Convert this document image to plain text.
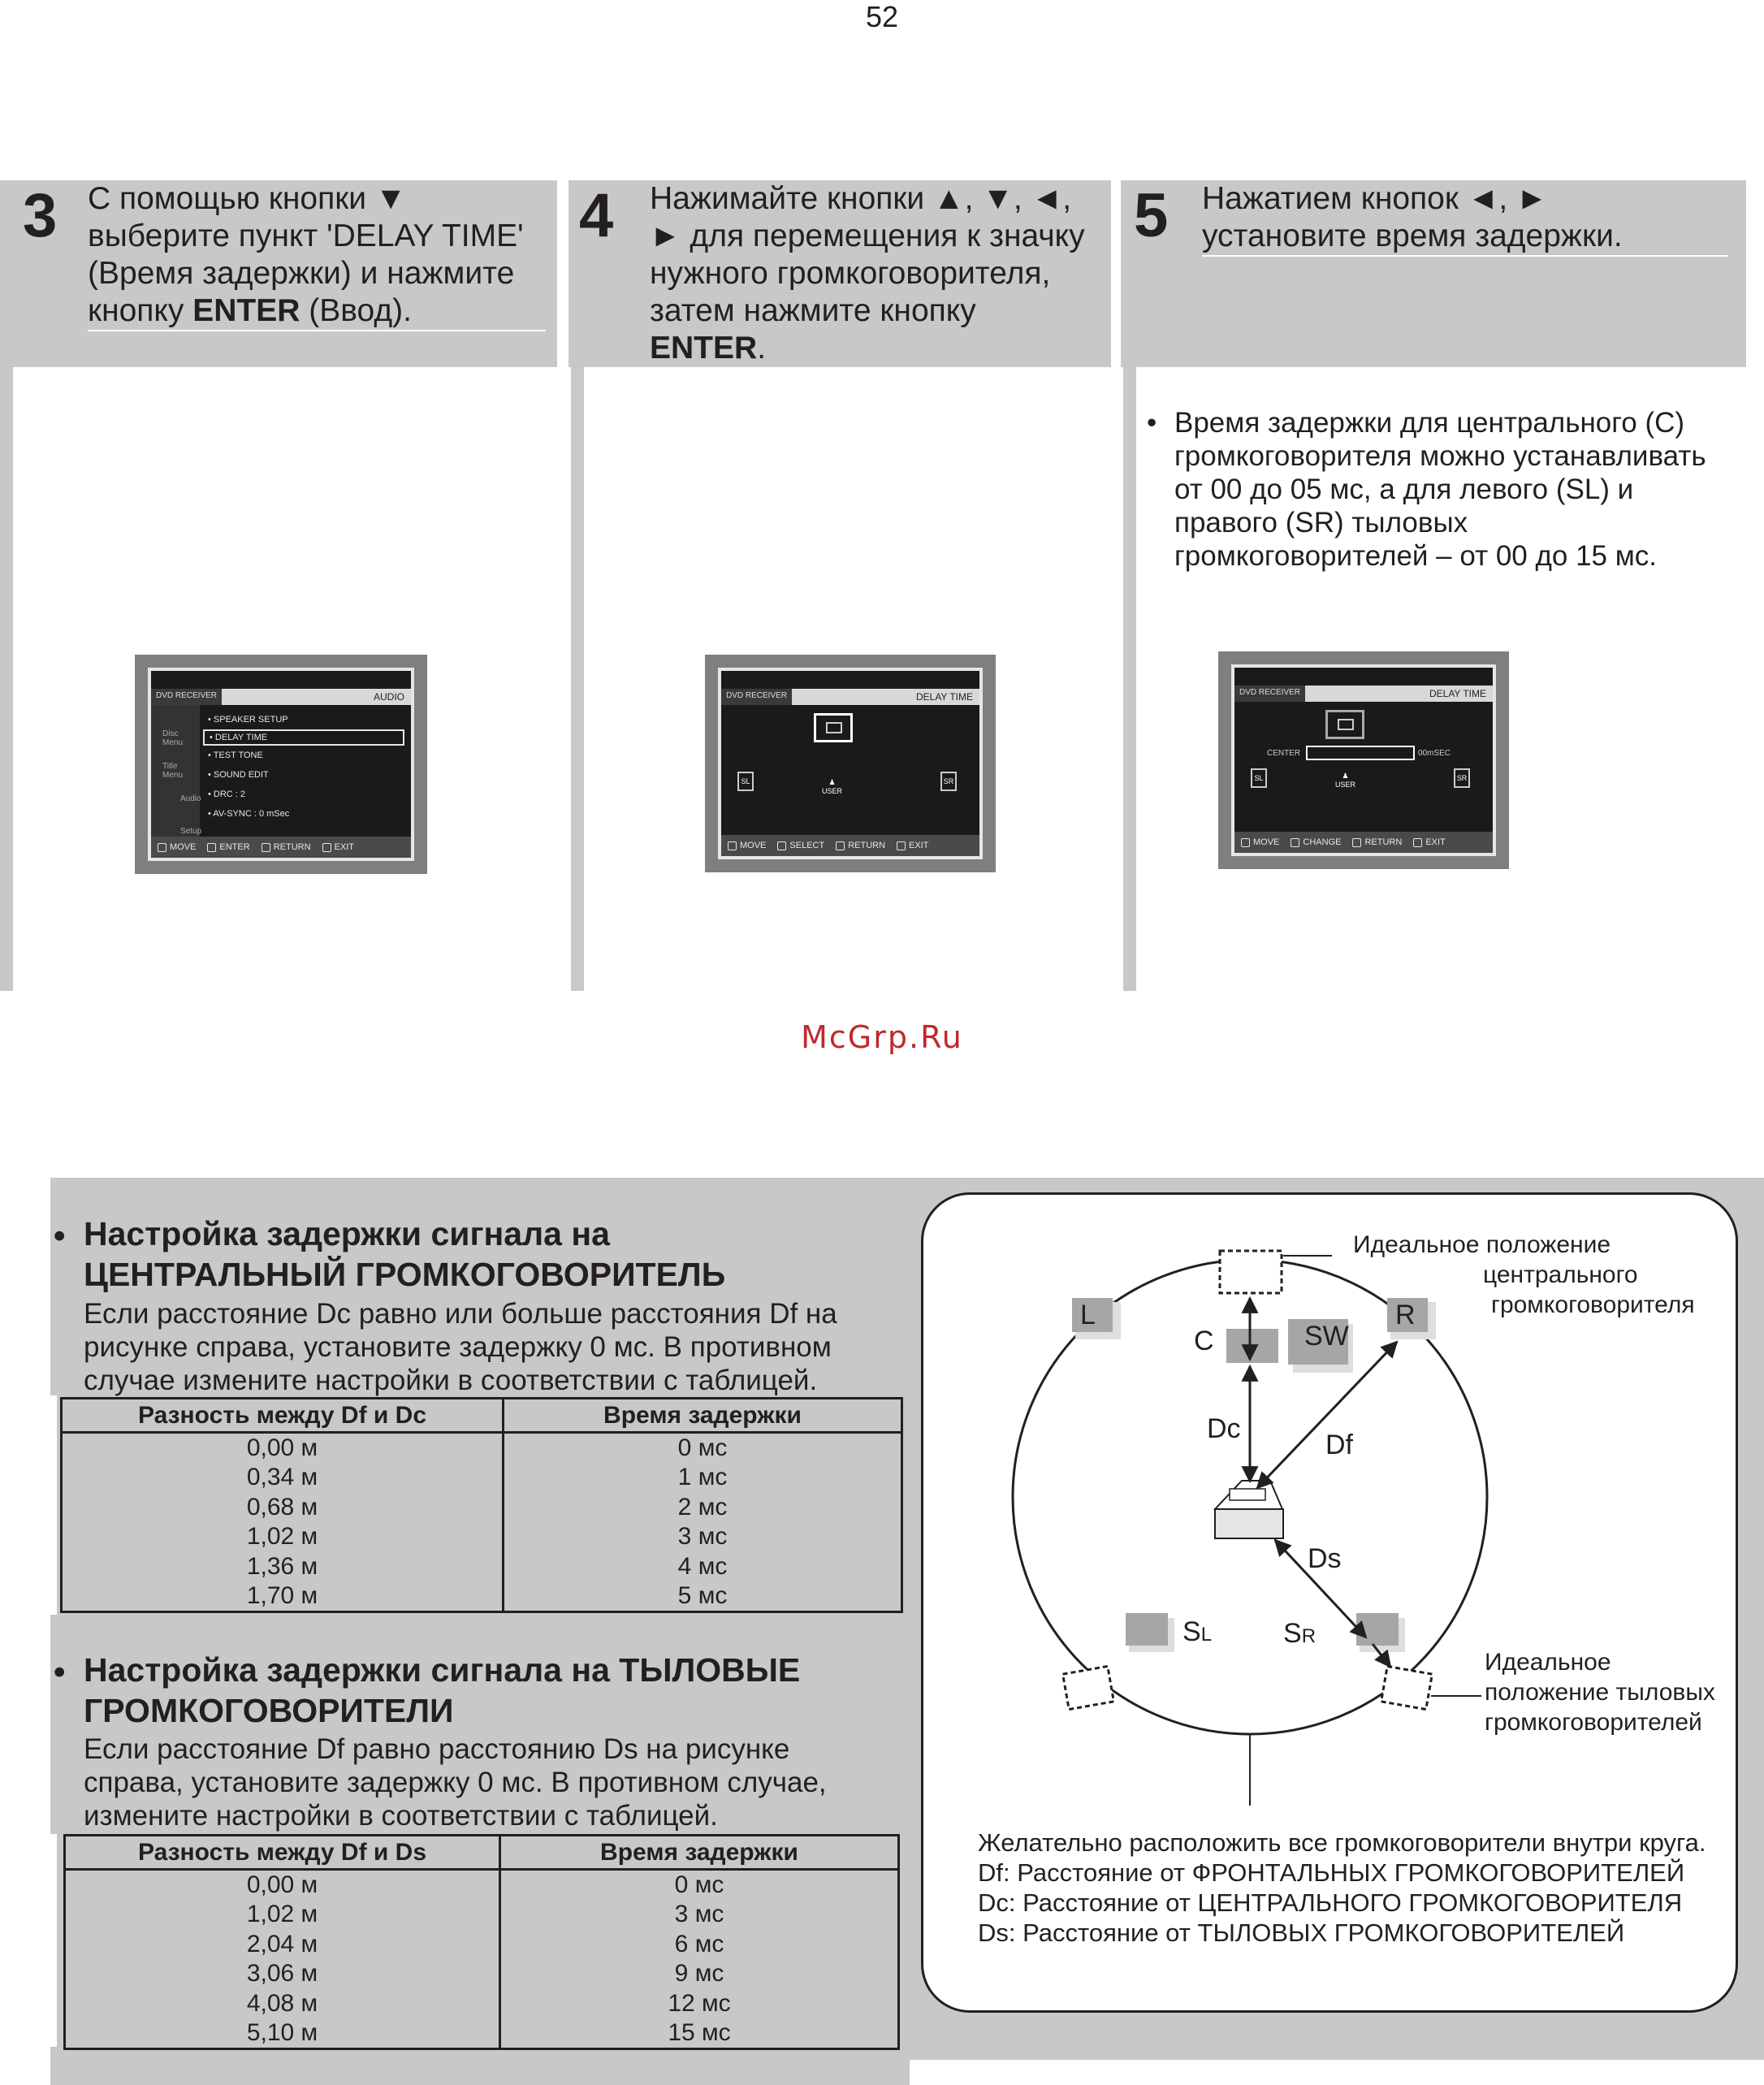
52
3 С помощью кнопки ▼
выберите пункт 'DELAY TIME'
(Время задержки) и нажмите
кнопку ENTER (Ввод).
4 Нажимайте кнопки ▲, ▼, ◄,
► для перемещения к значку
нужного громкоговорителя,
затем нажмите кнопку
ENTER.
5 Нажатием кнопок ◄, ►
установите время задержки.
• Время задержки для центрального (C)
громкоговорителя можно устанавливать
от 00 до 05 мс, а для левого (SL) и
правого (SR) тыловых
громкоговорителей – от 00 до 15 мс.
DVD RECEIVER	AUDIO
Disc Menu
Title Menu
Audio
Setup
• SPEAKER SETUP
• DELAY TIME
• TEST TONE
• SOUND EDIT
• DRC : 2
• AV-SYNC : 0 mSec
MOVE	ENTER	RETURN	EXIT
DVD RECEIVER	DELAY TIME
SL	SR
♟
USER
MOVE	SELECT	RETURN	EXIT
DVD RECEIVER	DELAY TIME
CENTER	00mSEC
SL	SR
♟
USER
MOVE	CHANGE	RETURN	EXIT
McGrp.Ru
• Настройка задержки сигнала на
ЦЕНТРАЛЬНЫЙ ГРОМКОГОВОРИТЕЛЬ
Если расстояние Dc равно или больше расстояния Df на
рисунке справа, установите задержку 0 мс. В противном
случае измените настройки в соответствии с таблицей.
Разность между Df и Dc	Время задержки
0,00 м	0 мс
0,34 м	1 мс
0,68 м	2 мс
1,02 м	3 мс
1,36 м	4 мс
1,70 м	5 мс
• Настройка задержки сигнала на ТЫЛОВЫЕ
ГРОМКОГОВОРИТЕЛИ
Если расстояние Df равно расстоянию Ds на рисунке
справа, установите задержку 0 мс. В противном случае,
измените настройки в соответствии с таблицей.
Разность между Df и Ds	Время задержки
0,00 м	0 мс
1,02 м	3 мс
2,04 м	6 мс
3,06 м	9 мс
4,08 м	12 мс
5,10 м	15 мс
L	R
C	SW
Dc
Df
Ds
SL	SR
Идеальное положение
центрального
громкоговорителя
Идеальное
положение тыловых
громкоговорителей
Желательно расположить все громкоговорители внутри круга.
Df: Расстояние от ФРОНТАЛЬНЫХ ГРОМКОГОВОРИТЕЛЕЙ
Dc: Расстояние от ЦЕНТРАЛЬНОГО ГРОМКОГОВОРИТЕЛЯ
Ds: Расстояние от ТЫЛОВЫХ ГРОМКОГОВОРИТЕЛЕЙ
